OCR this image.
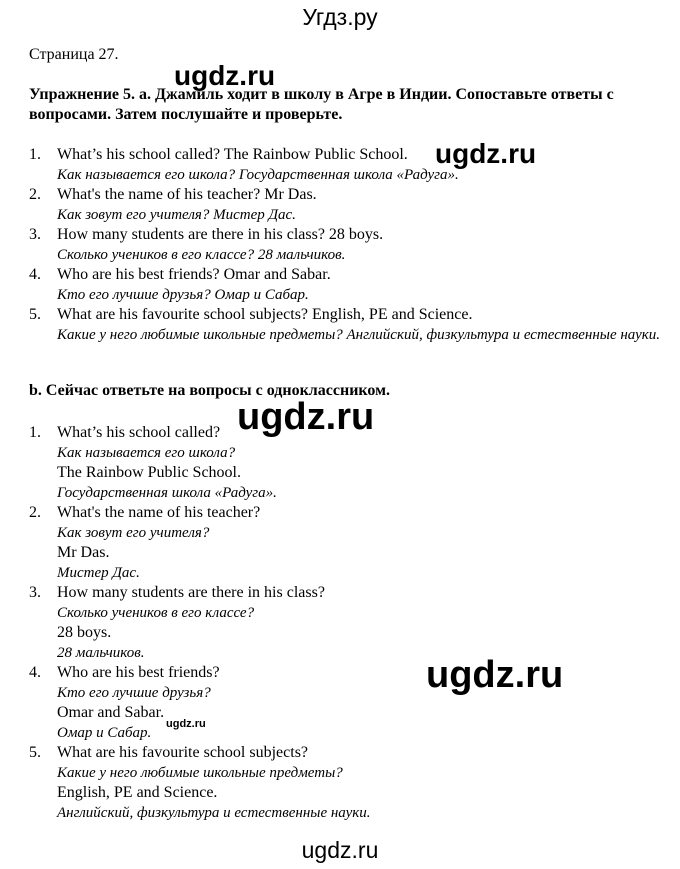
Угдз.ру
Страница 27.
Упражнение 5. а. Джамиль ходит в школу в Агре в Индии. Сопоставьте ответы с вопросами. Затем послушайте и проверьте.
1. What’s his school called? The Rainbow Public School.
Как называется его школа? Государственная школа «Радуга».
2. What's the name of his teacher? Mr Das.
Как зовут его учителя? Мистер Дас.
3. How many students are there in his class? 28 boys.
Сколько учеников в его классе? 28 мальчиков.
4. Who are his best friends? Omar and Sabar.
Кто его лучшие друзья? Омар и Сабар.
5. What are his favourite school subjects? English, PE and Science.
Какие у него любимые школьные предметы? Английский, физкультура и естественные науки.
b. Сейчас ответьте на вопросы с одноклассником.
1. What’s his school called?
Как называется его школа?
The Rainbow Public School.
Государственная школа «Радуга».
2. What's the name of his teacher?
Как зовут его учителя?
Mr Das.
Мистер Дас.
3. How many students are there in his class?
Сколько учеников в его классе?
28 boys.
28 мальчиков.
4. Who are his best friends?
Кто его лучшие друзья?
Omar and Sabar.
Омар и Сабар.
5. What are his favourite school subjects?
Какие у него любимые школьные предметы?
English, PE and Science.
Английский, физкультура и естественные науки.
ugdz.ru
ugdz.ru
ugdz.ru
ugdz.ru
ugdz.ru
ugdz.ru
